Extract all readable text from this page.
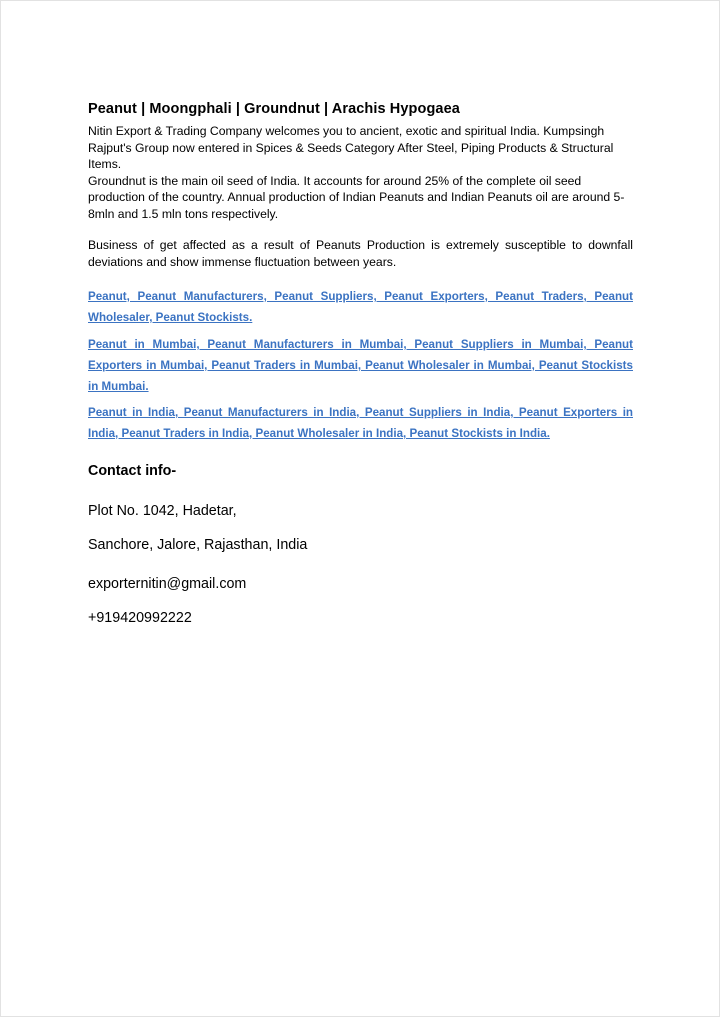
Peanut | Moongphali | Groundnut | Arachis Hypogaea

Nitin Export & Trading Company welcomes you to ancient, exotic and spiritual India. Kumpsingh Rajput's Group now entered in Spices & Seeds Category After Steel, Piping Products & Structural Items.

Groundnut is the main oil seed of India. It accounts for around 25% of the complete oil seed production of the country. Annual production of Indian Peanuts and Indian Peanuts oil are around 5-8mln and 1.5 mln tons respectively.

Business of get affected as a result of Peanuts Production is extremely susceptible to downfall deviations and show immense fluctuation between years.

Peanut, Peanut Manufacturers, Peanut Suppliers, Peanut Exporters, Peanut Traders, Peanut Wholesaler, Peanut Stockists.

Peanut in Mumbai, Peanut Manufacturers in Mumbai, Peanut Suppliers in Mumbai, Peanut Exporters in Mumbai, Peanut Traders in Mumbai, Peanut Wholesaler in Mumbai, Peanut Stockists in Mumbai.

Peanut in India, Peanut Manufacturers in India, Peanut Suppliers in India, Peanut Exporters in India, Peanut Traders in India, Peanut Wholesaler in India, Peanut Stockists in India.

Contact info-

Plot No. 1042, Hadetar,

Sanchore, Jalore, Rajasthan, India

exporternitin@gmail.com

+919420992222
